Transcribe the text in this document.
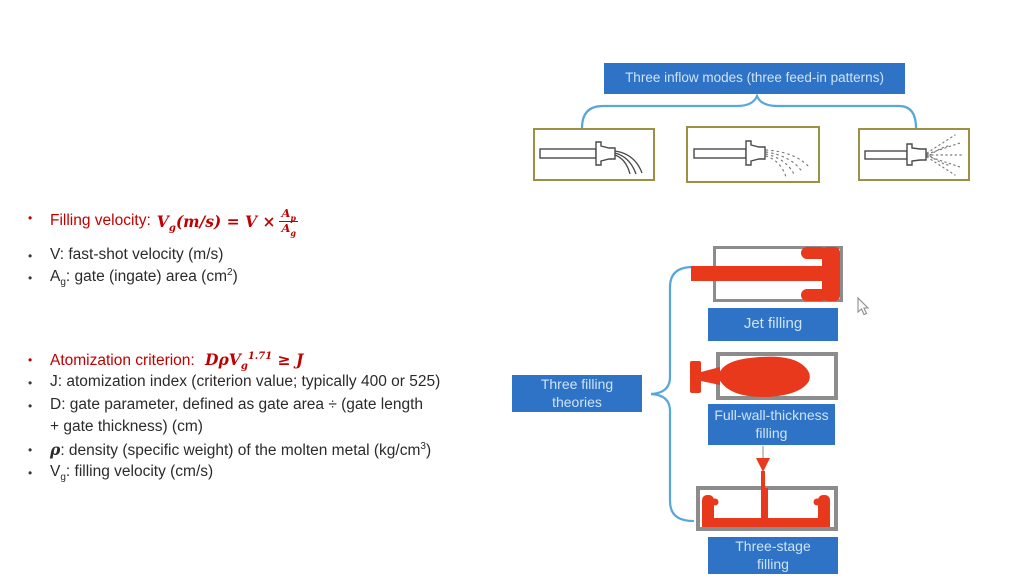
Three inflow modes (three feed-in patterns)
•	Filling velocity: $V_g(m/s) = V \times \frac{A_p}{A_g}$
•	V: fast-shot velocity (m/s)
•	$A_g$: gate (ingate) area $(cm^2)$
•	Atomization criterion: DρV$_g^{1.71}$ ≥ J
•	J: atomization index (criterion value; typically 400 or 525)
•	D: gate parameter, defined as gate area ÷ (gate length
+ gate thickness) (cm)
•	ρ: density (specific weight) of the molten metal $(kg/cm^3)$
•	$V_g$: filling velocity (cm/s)
Three filling theories
Jet filling
Full-wall-thickness filling
Three-stage filling
